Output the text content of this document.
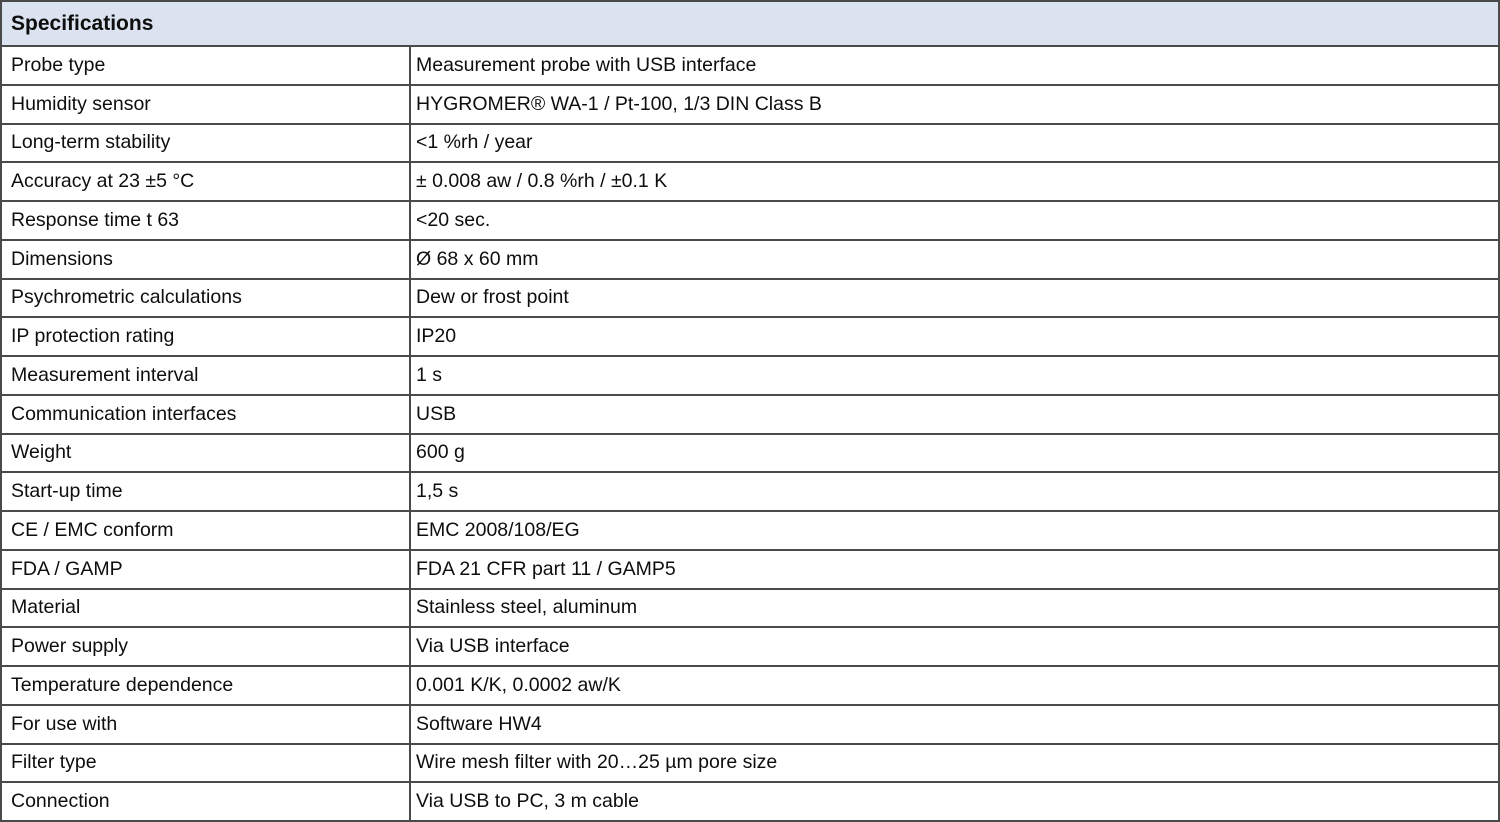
Specifications	
Probe type	Measurement probe with USB interface
Humidity sensor	HYGROMER® WA-1 / Pt-100, 1/3 DIN Class B
Long-term stability	<1 %rh / year
Accuracy at 23 ±5 °C	± 0.008 aw / 0.8 %rh / ±0.1 K
Response time t 63	<20 sec.
Dimensions	Ø 68 x 60 mm
Psychrometric calculations	Dew or frost point
IP protection rating	IP20
Measurement interval	1 s
Communication interfaces	USB
Weight	600 g
Start-up time	1,5 s
CE / EMC conform	EMC 2008/108/EG
FDA / GAMP	FDA 21 CFR part 11 / GAMP5
Material	Stainless steel, aluminum
Power supply	Via USB interface
Temperature dependence	0.001 K/K, 0.0002 aw/K
For use with	Software HW4
Filter type	Wire mesh filter with 20…25 µm pore size
Connection	Via USB to PC, 3 m cable
